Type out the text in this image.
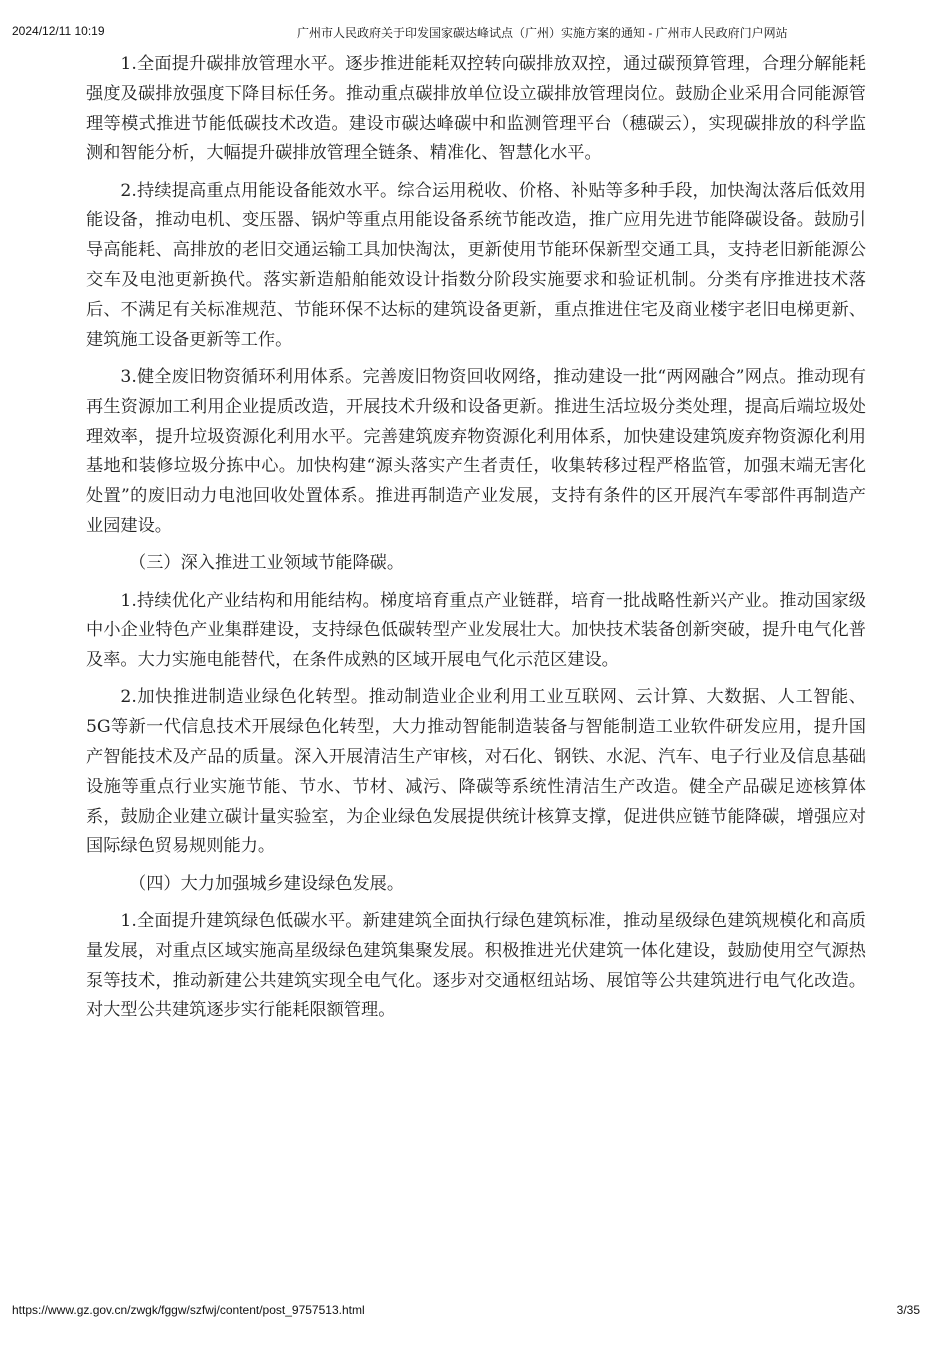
2024/12/11 10:19	广州市人民政府关于印发国家碳达峰试点（广州）实施方案的通知 - 广州市人民政府门户网站

1.全面提升碳排放管理水平。逐步推进能耗双控转向碳排放双控，通过碳预算管理，合理分解能耗强度及碳排放强度下降目标任务。推动重点碳排放单位设立碳排放管理岗位。鼓励企业采用合同能源管理等模式推进节能低碳技术改造。建设市碳达峰碳中和监测管理平台（穗碳云），实现碳排放的科学监测和智能分析，大幅提升碳排放管理全链条、精准化、智慧化水平。

2.持续提高重点用能设备能效水平。综合运用税收、价格、补贴等多种手段，加快淘汰落后低效用能设备，推动电机、变压器、锅炉等重点用能设备系统节能改造，推广应用先进节能降碳设备。鼓励引导高能耗、高排放的老旧交通运输工具加快淘汰，更新使用节能环保新型交通工具，支持老旧新能源公交车及电池更新换代。落实新造船舶能效设计指数分阶段实施要求和验证机制。分类有序推进技术落后、不满足有关标准规范、节能环保不达标的建筑设备更新，重点推进住宅及商业楼宇老旧电梯更新、建筑施工设备更新等工作。

3.健全废旧物资循环利用体系。完善废旧物资回收网络，推动建设一批“两网融合”网点。推动现有再生资源加工利用企业提质改造，开展技术升级和设备更新。推进生活垃圾分类处理，提高后端垃圾处理效率，提升垃圾资源化利用水平。完善建筑废弃物资源化利用体系，加快建设建筑废弃物资源化利用基地和装修垃圾分拣中心。加快构建“源头落实产生者责任，收集转移过程严格监管，加强末端无害化处置”的废旧动力电池回收处置体系。推进再制造产业发展，支持有条件的区开展汽车零部件再制造产业园建设。

（三）深入推进工业领域节能降碳。

1.持续优化产业结构和用能结构。梯度培育重点产业链群，培育一批战略性新兴产业。推动国家级中小企业特色产业集群建设，支持绿色低碳转型产业发展壮大。加快技术装备创新突破，提升电气化普及率。大力实施电能替代，在条件成熟的区域开展电气化示范区建设。

2.加快推进制造业绿色化转型。推动制造业企业利用工业互联网、云计算、大数据、人工智能、5G等新一代信息技术开展绿色化转型，大力推动智能制造装备与智能制造工业软件研发应用，提升国产智能技术及产品的质量。深入开展清洁生产审核，对石化、钢铁、水泥、汽车、电子行业及信息基础设施等重点行业实施节能、节水、节材、减污、降碳等系统性清洁生产改造。健全产品碳足迹核算体系，鼓励企业建立碳计量实验室，为企业绿色发展提供统计核算支撑，促进供应链节能降碳，增强应对国际绿色贸易规则能力。

（四）大力加强城乡建设绿色发展。

1.全面提升建筑绿色低碳水平。新建建筑全面执行绿色建筑标准，推动星级绿色建筑规模化和高质量发展，对重点区域实施高星级绿色建筑集聚发展。积极推进光伏建筑一体化建设，鼓励使用空气源热泵等技术，推动新建公共建筑实现全电气化。逐步对交通枢纽站场、展馆等公共建筑进行电气化改造。对大型公共建筑逐步实行能耗限额管理。

https://www.gz.gov.cn/zwgk/fggw/szfwj/content/post_9757513.html	3/35
